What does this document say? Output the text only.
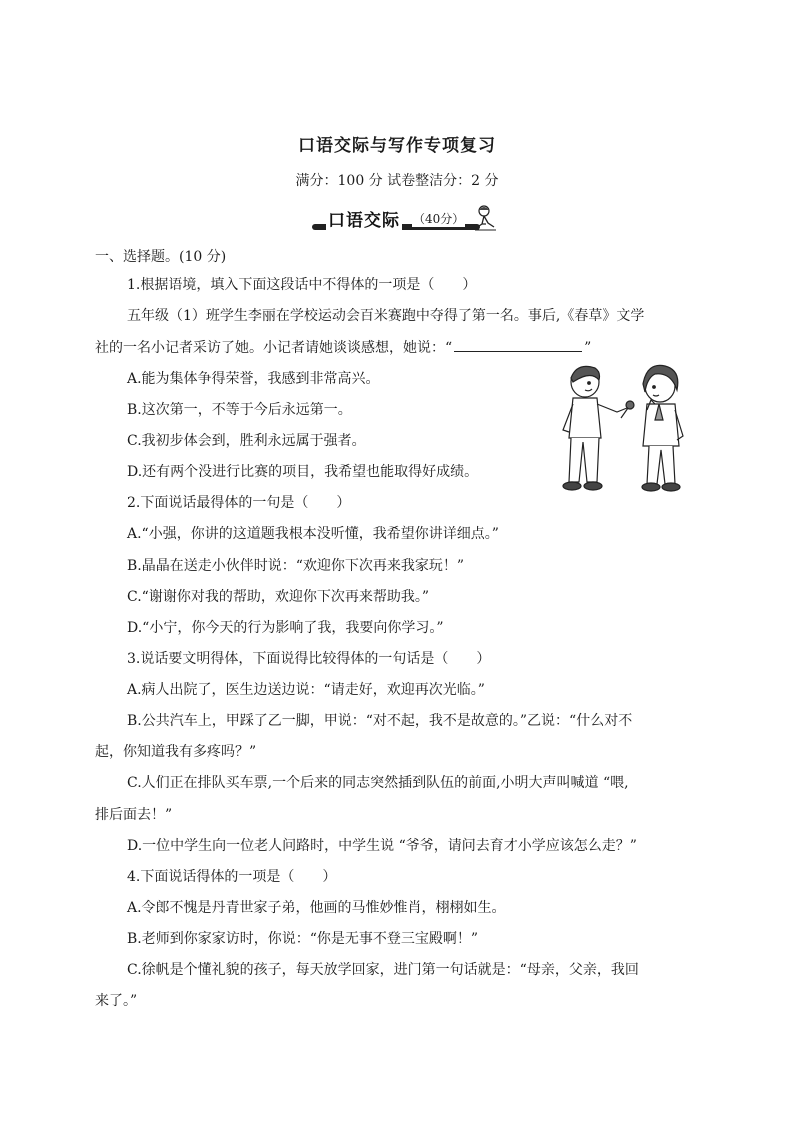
口语交际与写作专项复习
满分：100 分 试卷整洁分：2 分
口语交际 （40分）
一、选择题。(10 分)
1.根据语境，填入下面这段话中不得体的一项是（　　）
五年级（1）班学生李丽在学校运动会百米赛跑中夺得了第一名。事后,《春草》文学
社的一名小记者采访了她。小记者请她谈谈感想，她说：“	”
A.能为集体争得荣誉，我感到非常高兴。
B.这次第一，不等于今后永远第一。
C.我初步体会到，胜利永远属于强者。
D.还有两个没进行比赛的项目，我希望也能取得好成绩。
2.下面说话最得体的一句是（　　）
A.“小强，你讲的这道题我根本没听懂，我希望你讲详细点。”
B.晶晶在送走小伙伴时说：“欢迎你下次再来我家玩！”
C.“谢谢你对我的帮助，欢迎你下次再来帮助我。”
D.“小宁，你今天的行为影响了我，我要向你学习。”
3.说话要文明得体，下面说得比较得体的一句话是（　　）
A.病人出院了，医生边送边说：“请走好，欢迎再次光临。”
B.公共汽车上，甲踩了乙一脚，甲说：“对不起，我不是故意的。”乙说：“什么对不
起，你知道我有多疼吗？”
C.人们正在排队买车票,一个后来的同志突然插到队伍的前面,小明大声叫喊道 “喂,
排后面去！”
D.一位中学生向一位老人问路时，中学生说 “爷爷，请问去育才小学应该怎么走？”
4.下面说话得体的一项是（　　）
A.令郎不愧是丹青世家子弟，他画的马惟妙惟肖，栩栩如生。
B.老师到你家家访时，你说：“你是无事不登三宝殿啊！”
C.徐帆是个懂礼貌的孩子，每天放学回家，进门第一句话就是：“母亲，父亲，我回
来了。”
